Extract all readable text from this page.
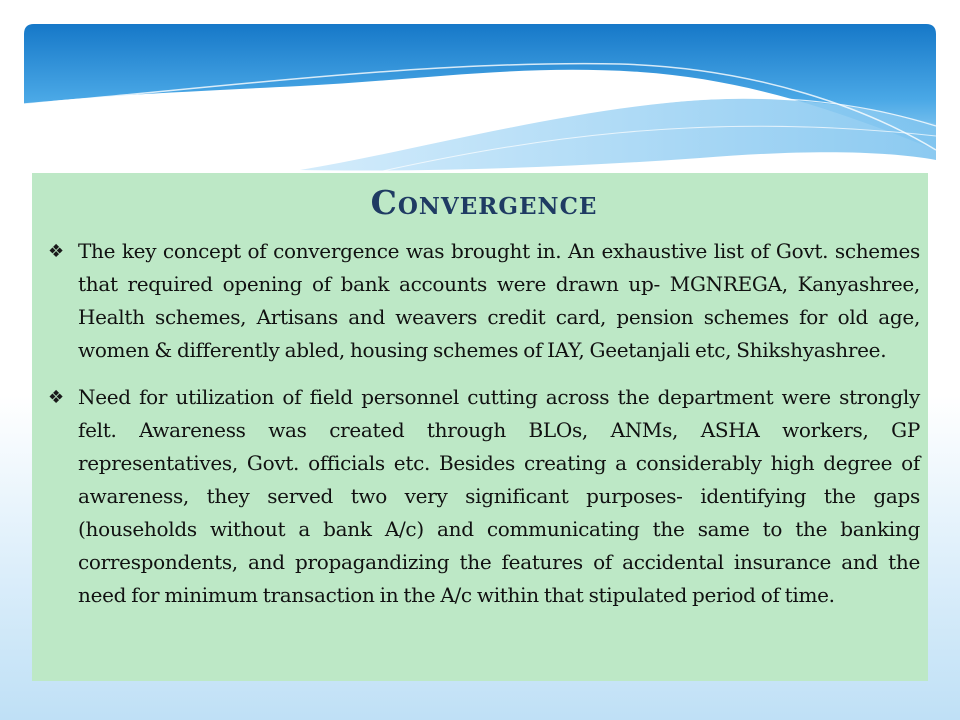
Convergence
❖ The key concept of convergence was brought in. An exhaustive list of Govt. schemes that required opening of bank accounts were drawn up- MGNREGA, Kanyashree, Health schemes, Artisans and weavers credit card, pension schemes for old age, women & differently abled, housing schemes of IAY, Geetanjali etc, Shikshyashree.
❖ Need for utilization of field personnel cutting across the department were strongly felt. Awareness was created through BLOs, ANMs, ASHA workers, GP representatives, Govt. officials etc. Besides creating a considerably high degree of awareness, they served two very significant purposes- identifying the gaps (households without a bank A/c) and communicating the same to the banking correspondents, and propagandizing the features of accidental insurance and the need for minimum transaction in the A/c within that stipulated period of time.
